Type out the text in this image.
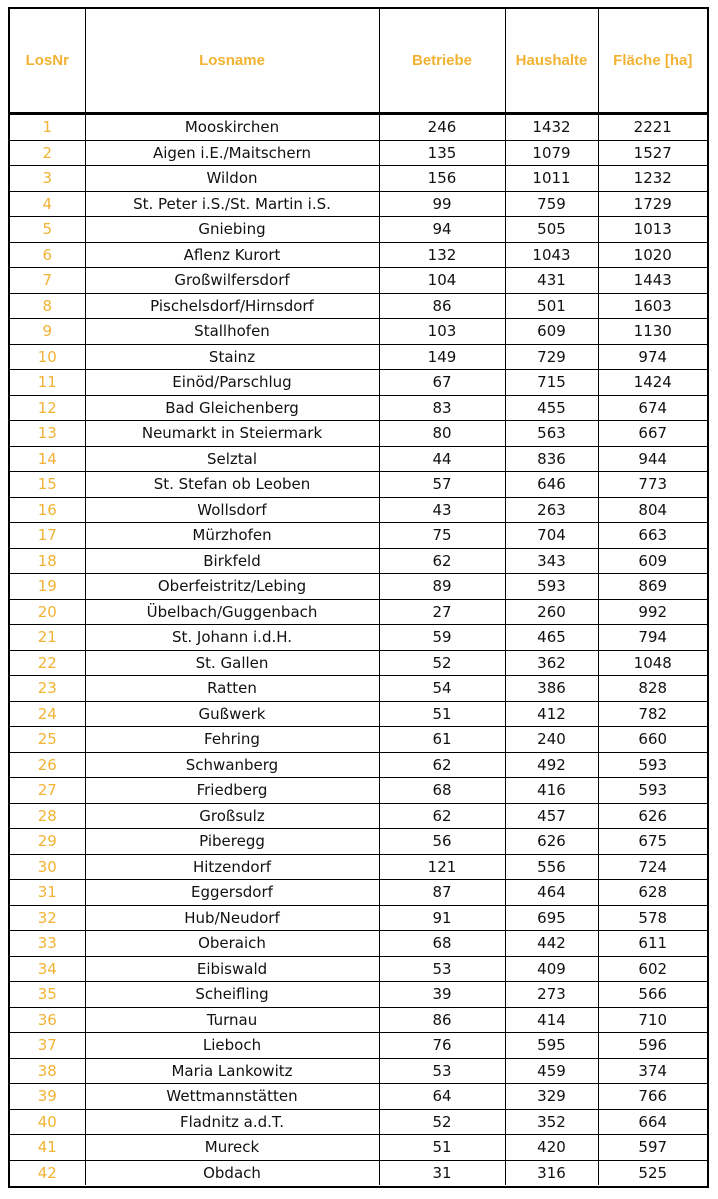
LosNr	Losname	Betriebe	Haushalte	Fläche [ha]
1	Mooskirchen	246	1432	2221
2	Aigen i.E./Maitschern	135	1079	1527
3	Wildon	156	1011	1232
4	St. Peter i.S./St. Martin i.S.	99	759	1729
5	Gniebing	94	505	1013
6	Aflenz Kurort	132	1043	1020
7	Großwilfersdorf	104	431	1443
8	Pischelsdorf/Hirnsdorf	86	501	1603
9	Stallhofen	103	609	1130
10	Stainz	149	729	974
11	Einöd/Parschlug	67	715	1424
12	Bad Gleichenberg	83	455	674
13	Neumarkt in Steiermark	80	563	667
14	Selztal	44	836	944
15	St. Stefan ob Leoben	57	646	773
16	Wollsdorf	43	263	804
17	Mürzhofen	75	704	663
18	Birkfeld	62	343	609
19	Oberfeistritz/Lebing	89	593	869
20	Übelbach/Guggenbach	27	260	992
21	St. Johann i.d.H.	59	465	794
22	St. Gallen	52	362	1048
23	Ratten	54	386	828
24	Gußwerk	51	412	782
25	Fehring	61	240	660
26	Schwanberg	62	492	593
27	Friedberg	68	416	593
28	Großsulz	62	457	626
29	Piberegg	56	626	675
30	Hitzendorf	121	556	724
31	Eggersdorf	87	464	628
32	Hub/Neudorf	91	695	578
33	Oberaich	68	442	611
34	Eibiswald	53	409	602
35	Scheifling	39	273	566
36	Turnau	86	414	710
37	Lieboch	76	595	596
38	Maria Lankowitz	53	459	374
39	Wettmannstätten	64	329	766
40	Fladnitz a.d.T.	52	352	664
41	Mureck	51	420	597
42	Obdach	31	316	525
